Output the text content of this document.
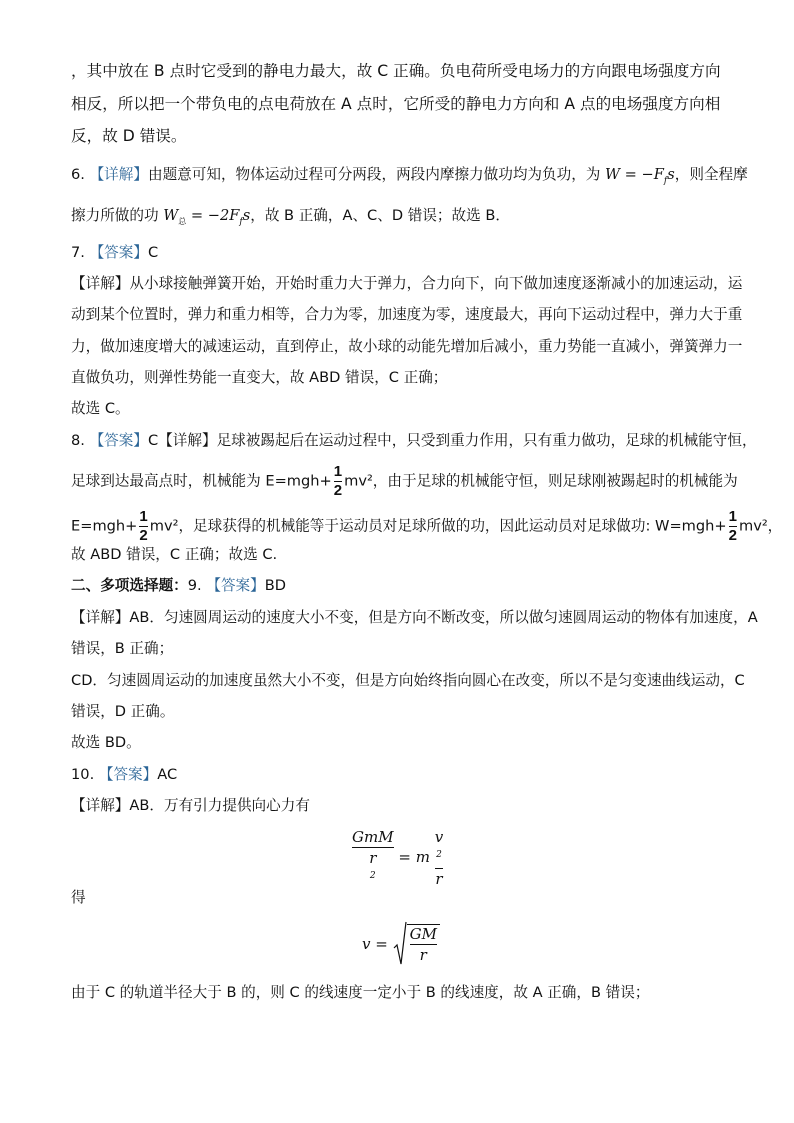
，其中放在 B 点时它受到的静电力最大，故 C 正确。负电荷所受电场力的方向跟电场强度方向
相反，所以把一个带负电的点电荷放在 A 点时，它所受的静电力方向和 A 点的电场强度方向相
反，故 D 错误。
6. 【详解】由题意可知，物体运动过程可分两段，两段内摩擦力做功均为负功，为 $W = -F_fs$，则全程摩
擦力所做的功 $W_总 = -2F_fs$，故 B 正确，A、C、D 错误；故选 B．
7. 【答案】C
【详解】从小球接触弹簧开始，开始时重力大于弹力，合力向下，向下做加速度逐渐减小的加速运动，运
动到某个位置时，弹力和重力相等，合力为零，加速度为零，速度最大，再向下运动过程中，弹力大于重
力，做加速度增大的减速运动，直到停止，故小球的动能先增加后减小，重力势能一直减小，弹簧弹力一
直做负功，则弹性势能一直变大，故 ABD 错误，C 正确；
故选 C。
8. 【答案】C【详解】足球被踢起后在运动过程中，只受到重力作用，只有重力做功，足球的机械能守恒，
足球到达最高点时，机械能为 $E=mgh+ \frac{1}{2} mv^2$，由于足球的机械能守恒，则足球刚被踢起时的机械能为
$E=mgh+ \frac{1}{2} mv^2$，足球获得的机械能等于运动员对足球所做的功，因此运动员对足球做功: $W=mgh+ \frac{1}{2} mv^2$，
故 ABD 错误，C 正确；故选 C.
二、多项选择题：9. 【答案】BD
【详解】AB．匀速圆周运动的速度大小不变，但是方向不断改变，所以做匀速圆周运动的物体有加速度，A
错误，B 正确；
CD．匀速圆周运动的加速度虽然大小不变，但是方向始终指向圆心在改变，所以不是匀变速曲线运动，C
错误，D 正确。
故选 BD。
10. 【答案】AC
【详解】AB．万有引力提供向心力有
GmM
r
$^2$
= m v
$^2$
r
得
$v = \frac{GM}{r}$
由于 C 的轨道半径大于 B 的，则 C 的线速度一定小于 B 的线速度，故 A 正确，B 错误；
